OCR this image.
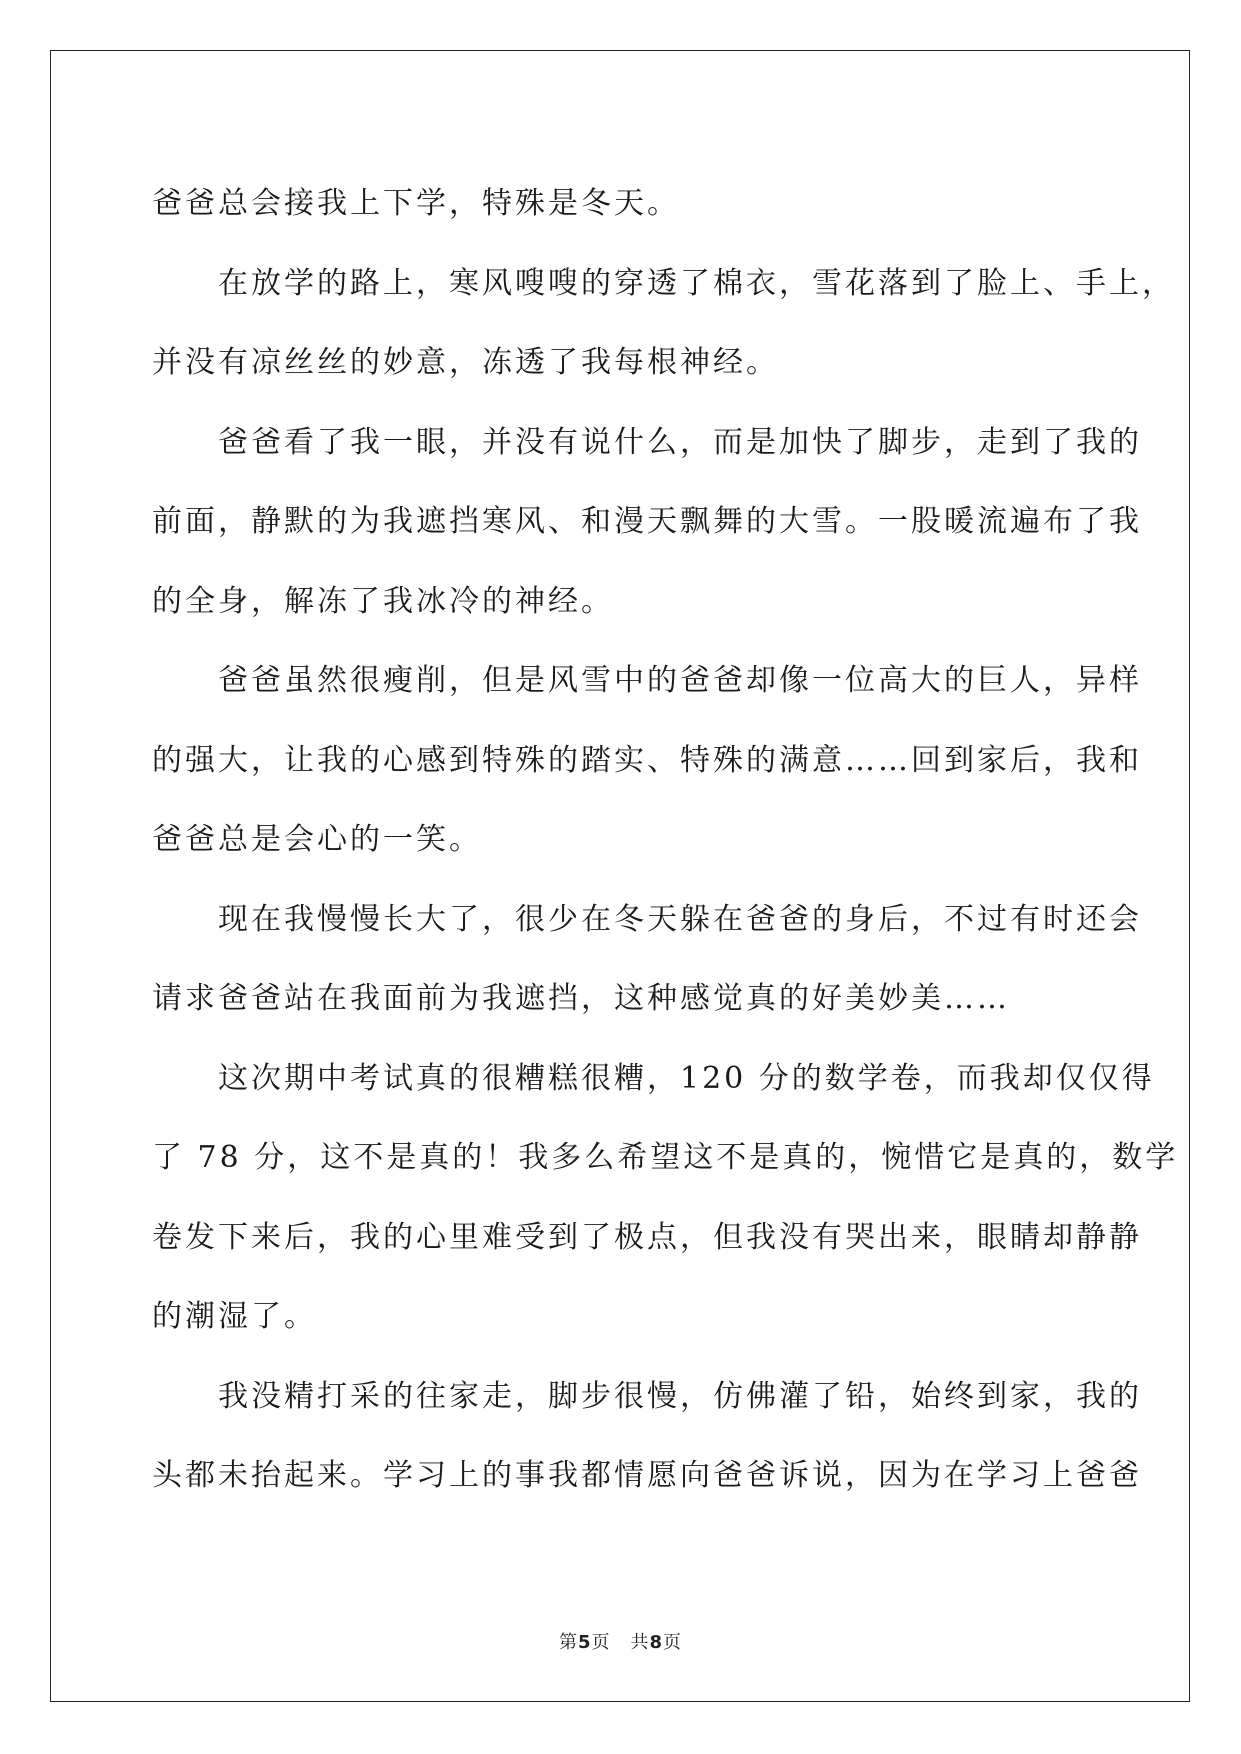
爸爸总会接我上下学，特殊是冬天。

在放学的路上，寒风嗖嗖的穿透了棉衣，雪花落到了脸上、手上，
并没有凉丝丝的妙意，冻透了我每根神经。

爸爸看了我一眼，并没有说什么，而是加快了脚步，走到了我的
前面，静默的为我遮挡寒风、和漫天飘舞的大雪。一股暖流遍布了我
的全身，解冻了我冰冷的神经。

爸爸虽然很瘦削，但是风雪中的爸爸却像一位高大的巨人，异样
的强大，让我的心感到特殊的踏实、特殊的满意……回到家后，我和
爸爸总是会心的一笑。

现在我慢慢长大了，很少在冬天躲在爸爸的身后，不过有时还会
请求爸爸站在我面前为我遮挡，这种感觉真的好美妙美……

这次期中考试真的很糟糕很糟，120 分的数学卷，而我却仅仅得
了 78 分，这不是真的！我多么希望这不是真的，惋惜它是真的，数学
卷发下来后，我的心里难受到了极点，但我没有哭出来，眼睛却静静
的潮湿了。

我没精打采的往家走，脚步很慢，仿佛灌了铅，始终到家，我的
头都未抬起来。学习上的事我都情愿向爸爸诉说，因为在学习上爸爸

第5页 共8页
